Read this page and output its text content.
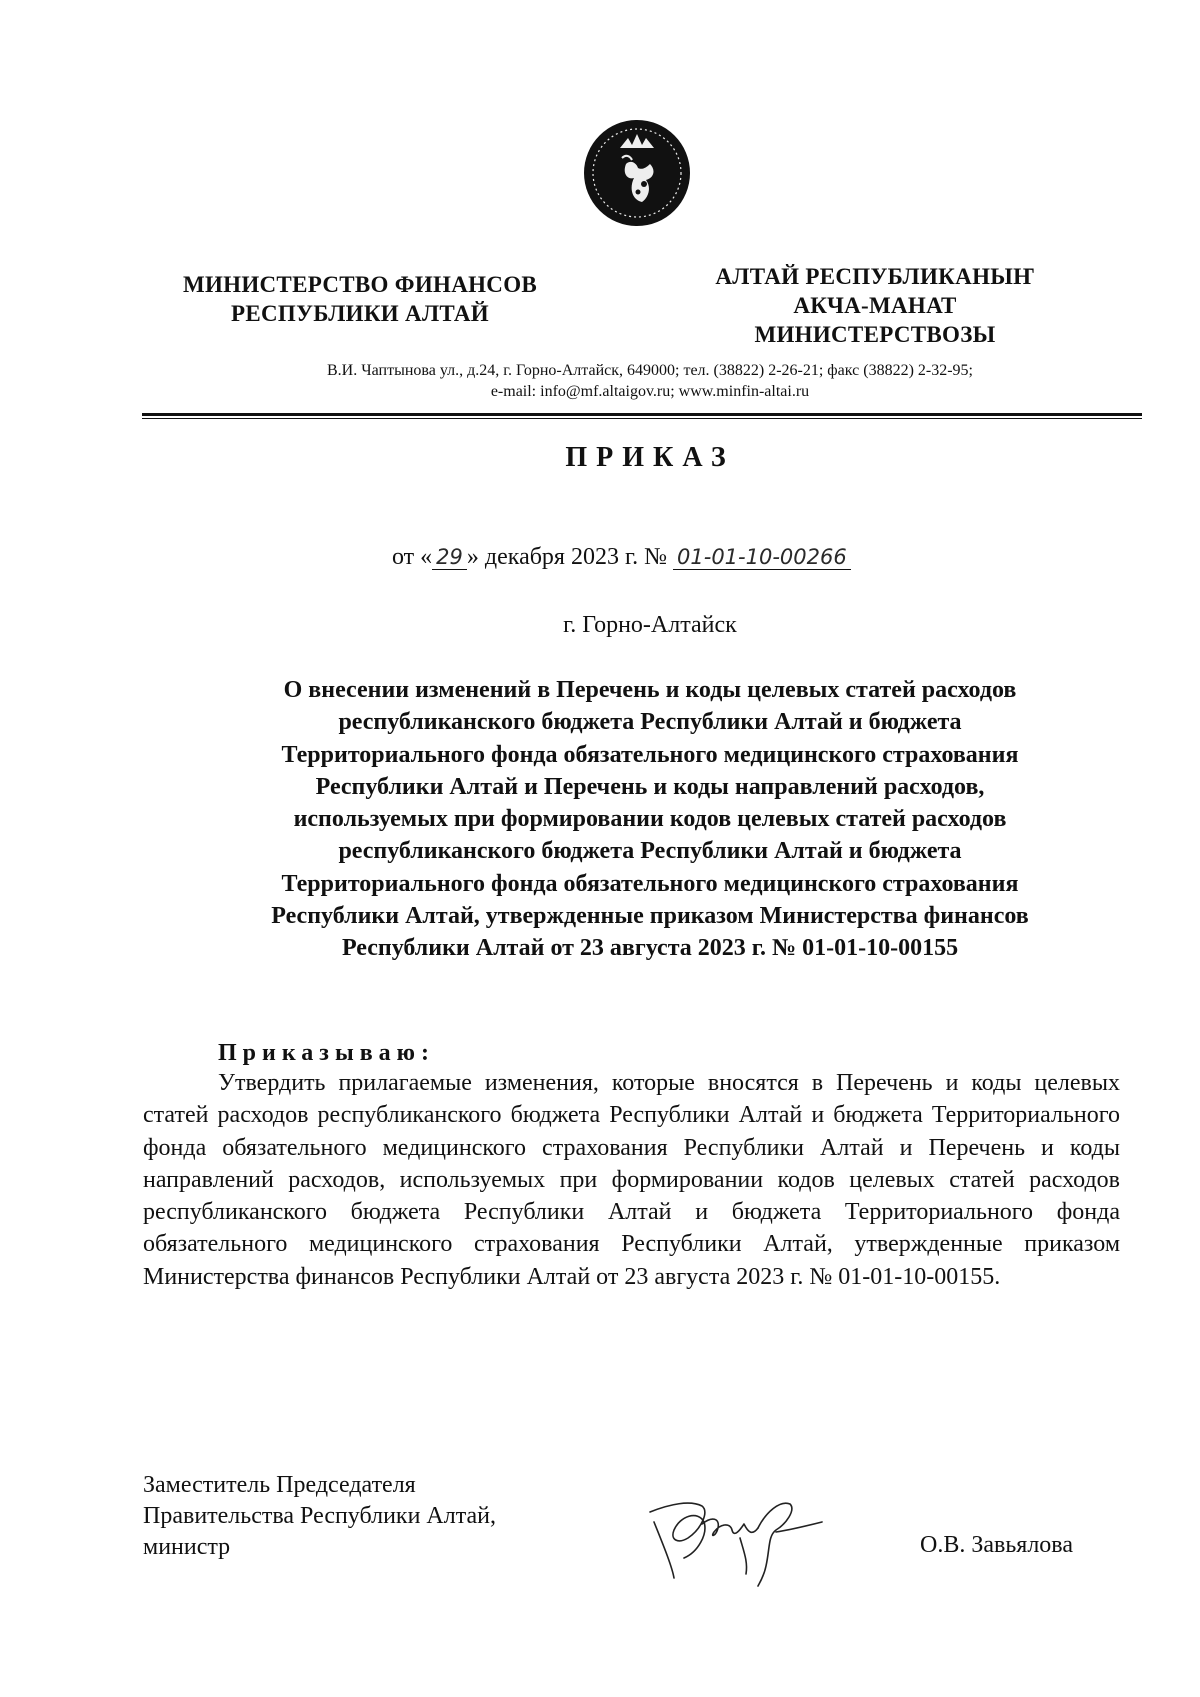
МИНИСТЕРСТВО ФИНАНСОВ
РЕСПУБЛИКИ АЛТАЙ
АЛТАЙ РЕСПУБЛИКАНЫҤ
АКЧА-МАНАТ
МИНИСТЕРСТВОЗЫ
В.И. Чаптынова ул., д.24, г. Горно-Алтайск, 649000; тел. (38822) 2-26-21; факс (38822) 2-32-95;
e-mail: info@mf.altaigov.ru; www.minfin-altai.ru
ПРИКАЗ
от « 29 » декабря 2023 г. № 01-01-10-00266
г. Горно-Алтайск
О внесении изменений в Перечень и коды целевых статей расходов
республиканского бюджета Республики Алтай и бюджета
Территориального фонда обязательного медицинского страхования
Республики Алтай и Перечень и коды направлений расходов,
используемых при формировании кодов целевых статей расходов
республиканского бюджета Республики Алтай и бюджета
Территориального фонда обязательного медицинского страхования
Республики Алтай, утвержденные приказом Министерства финансов
Республики Алтай от 23 августа 2023 г. № 01-01-10-00155
Приказываю:
Утвердить прилагаемые изменения, которые вносятся в Перечень и коды целевых статей расходов республиканского бюджета Республики Алтай и бюджета Территориального фонда обязательного медицинского страхования Республики Алтай и Перечень и коды направлений расходов, используемых при формировании кодов целевых статей расходов республиканского бюджета Республики Алтай и бюджета Территориального фонда обязательного медицинского страхования Республики Алтай, утвержденные приказом Министерства финансов Республики Алтай от 23 августа 2023 г. № 01-01-10-00155.
Заместитель Председателя
Правительства Республики Алтай,
министр	О.В. Завьялова
